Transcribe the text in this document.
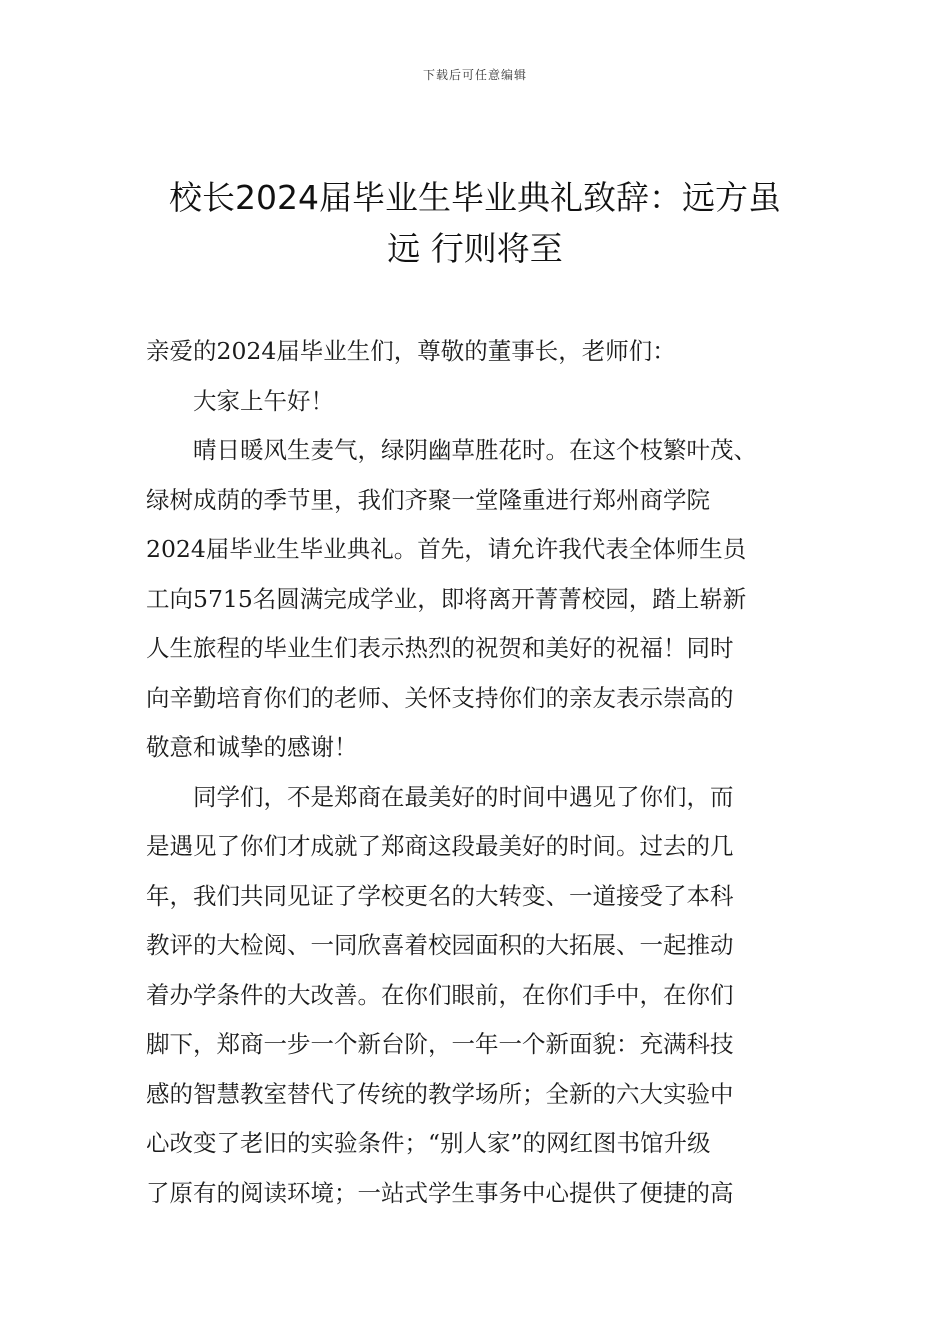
下载后可任意编辑
校长2024届毕业生毕业典礼致辞：远方虽
远 行则将至
亲爱的2024届毕业生们，尊敬的董事长，老师们：
大家上午好！
晴日暖风生麦气，绿阴幽草胜花时。在这个枝繁叶茂、
绿树成荫的季节里，我们齐聚一堂隆重进行郑州商学院
2024届毕业生毕业典礼。首先，请允许我代表全体师生员
工向5715名圆满完成学业，即将离开菁菁校园，踏上崭新
人生旅程的毕业生们表示热烈的祝贺和美好的祝福！同时
向辛勤培育你们的老师、关怀支持你们的亲友表示崇高的
敬意和诚挚的感谢！
同学们，不是郑商在最美好的时间中遇见了你们，而
是遇见了你们才成就了郑商这段最美好的时间。过去的几
年，我们共同见证了学校更名的大转变、一道接受了本科
教评的大检阅、一同欣喜着校园面积的大拓展、一起推动
着办学条件的大改善。在你们眼前，在你们手中，在你们
脚下，郑商一步一个新台阶，一年一个新面貌：充满科技
感的智慧教室替代了传统的教学场所；全新的六大实验中
心改变了老旧的实验条件；“别人家”的网红图书馆升级
了原有的阅读环境；一站式学生事务中心提供了便捷的高
